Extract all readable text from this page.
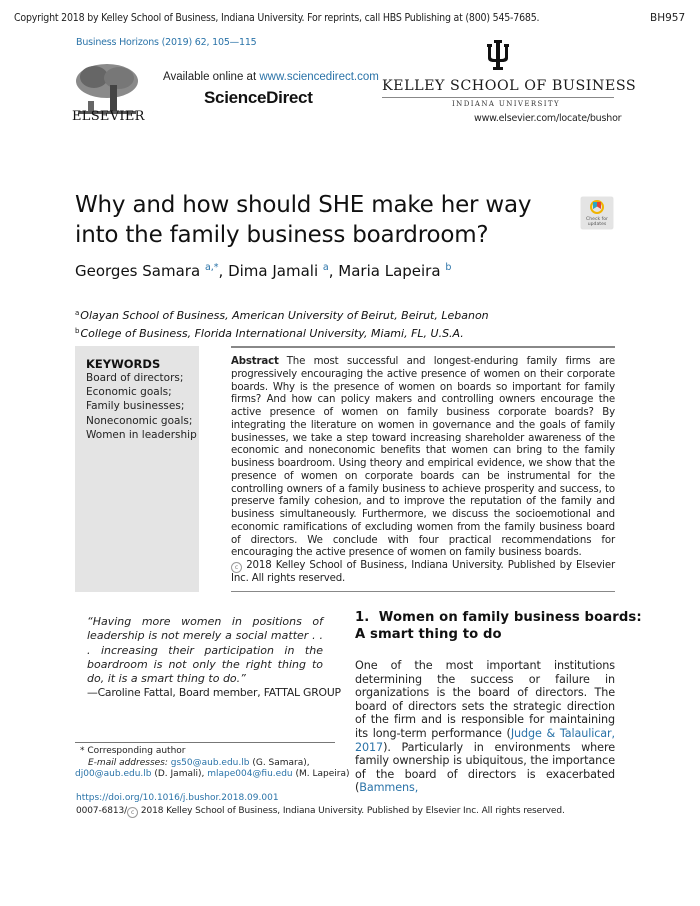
Copyright 2018 by Kelley School of Business, Indiana University. For reprints, call HBS Publishing at (800) 545-7685.	BH957
Business Horizons (2019) 62, 105—115
ELSEVIER
Available online at www.sciencedirect.com
ScienceDirect
KELLEY SCHOOL OF BUSINESS
INDIANA UNIVERSITY
www.elsevier.com/locate/bushor
Why and how should SHE make her way
into the family business boardroom?
Check for
updates
Georges Samara $^{a,*}$, Dima Jamali $^a$, Maria Lapeira $^b$
$^a$Olayan School of Business, American University of Beirut, Beirut, Lebanon
$^b$College of Business, Florida International University, Miami, FL, U.S.A.
KEYWORDS
Board of directors;
Economic goals;
Family businesses;
Noneconomic goals;
Women in leadership
Abstract The most successful and longest-enduring family firms are progressively encouraging the active presence of women on their corporate boards. Why is the presence of women on boards so important for family firms? And how can policy makers and controlling owners encourage the active presence of women on family business corporate boards? By integrating the literature on women in governance and the goals of family businesses, we take a step toward increasing shareholder awareness of the economic and noneconomic benefits that women can bring to the family business boardroom. Using theory and empirical evidence, we show that the presence of women on corporate boards can be instrumental for the controlling owners of a family business to achieve prosperity and success, to preserve family cohesion, and to improve the reputation of the family and business simultaneously. Furthermore, we discuss the socioemotional and economic ramifications of excluding women from the family business board of directors. We conclude with four practical recommendations for encouraging the active presence of women on family business boards.
c 2018 Kelley School of Business, Indiana University. Published by Elsevier Inc. All rights reserved.
“Having more women in positions of leadership is not merely a social matter . . . increasing their participation in the boardroom is not only the right thing to do, it is a smart thing to do.”
—Caroline Fattal, Board member, FATTAL GROUP
1.  Women on family business boards:
A smart thing to do
One of the most important institutions determining the success or failure in organizations is the board of directors. The board of directors sets the strategic direction of the firm and is responsible for maintaining its long-term performance (Judge & Talaulicar, 2017). Particularly in environments where family ownership is ubiquitous, the importance of the board of directors is exacerbated (Bammens,
* Corresponding author
E-mail addresses: gs50@aub.edu.lb (G. Samara),
dj00@aub.edu.lb (D. Jamali), mlape004@fiu.edu (M. Lapeira)
https://doi.org/10.1016/j.bushor.2018.09.001
0007-6813/ c 2018 Kelley School of Business, Indiana University. Published by Elsevier Inc. All rights reserved.
